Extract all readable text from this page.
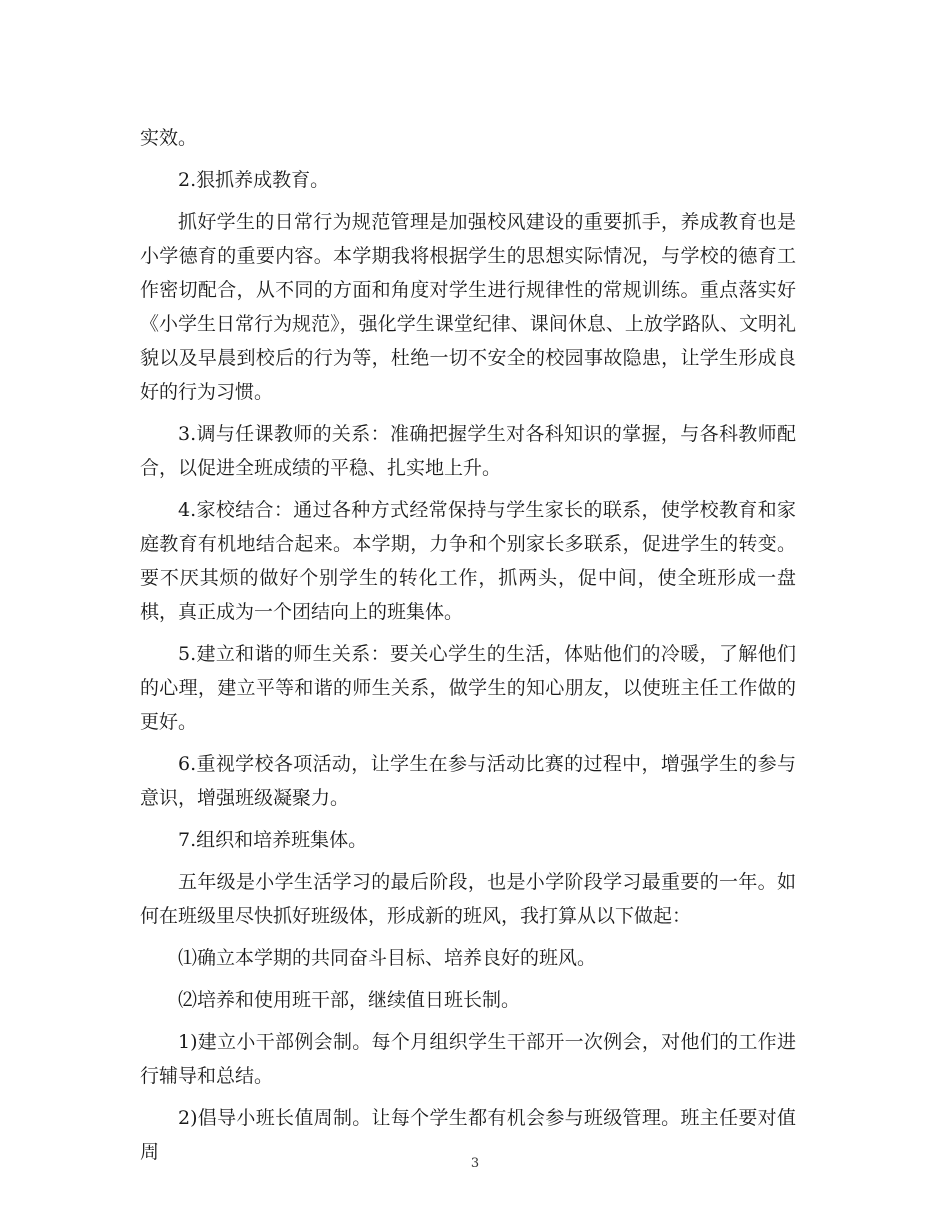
实效。

2.狠抓养成教育。

抓好学生的日常行为规范管理是加强校风建设的重要抓手，养成教育也是小学德育的重要内容。本学期我将根据学生的思想实际情况，与学校的德育工作密切配合，从不同的方面和角度对学生进行规律性的常规训练。重点落实好《小学生日常行为规范》，强化学生课堂纪律、课间休息、上放学路队、文明礼貌以及早晨到校后的行为等，杜绝一切不安全的校园事故隐患，让学生形成良好的行为习惯。

3.调与任课教师的关系：准确把握学生对各科知识的掌握，与各科教师配合，以促进全班成绩的平稳、扎实地上升。

4.家校结合：通过各种方式经常保持与学生家长的联系，使学校教育和家庭教育有机地结合起来。本学期，力争和个别家长多联系，促进学生的转变。要不厌其烦的做好个别学生的转化工作，抓两头，促中间，使全班形成一盘棋，真正成为一个团结向上的班集体。

5.建立和谐的师生关系：要关心学生的生活，体贴他们的冷暖，了解他们的心理，建立平等和谐的师生关系，做学生的知心朋友，以使班主任工作做的更好。

6.重视学校各项活动，让学生在参与活动比赛的过程中，增强学生的参与意识，增强班级凝聚力。

7.组织和培养班集体。

五年级是小学生活学习的最后阶段，也是小学阶段学习最重要的一年。如何在班级里尽快抓好班级体，形成新的班风，我打算从以下做起：

⑴确立本学期的共同奋斗目标、培养良好的班风。

⑵培养和使用班干部，继续值日班长制。

1)建立小干部例会制。每个月组织学生干部开一次例会，对他们的工作进行辅导和总结。

2)倡导小班长值周制。让每个学生都有机会参与班级管理。班主任要对值周

3
